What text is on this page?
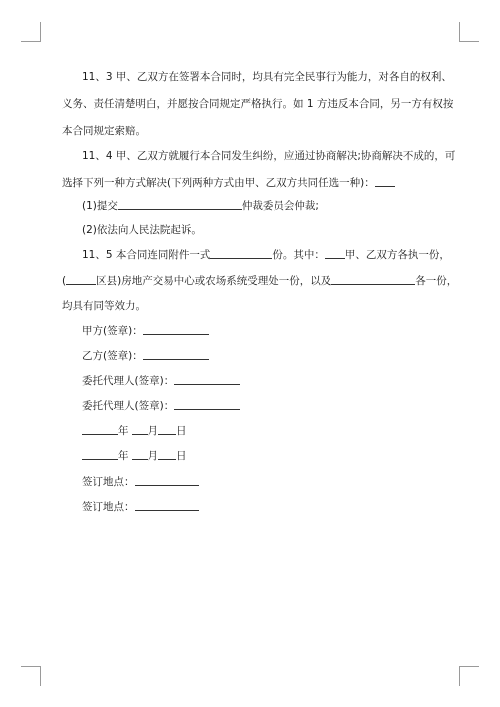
11、3 甲、乙双方在签署本合同时，均具有完全民事行为能力，对各自的权利、
义务、责任清楚明白，并愿按合同规定严格执行。如 1 方违反本合同，另一方有权按
本合同规定索赔。
11、4 甲、乙双方就履行本合同发生纠纷，应通过协商解决;协商解决不成的，可
选择下列一种方式解决(下列两种方式由甲、乙双方共同任选一种)：
(1)提交	仲裁委员会仲裁;
(2)依法向人民法院起诉。
11、5 本合同连同附件一式	份。其中： 甲、乙双方各执一份，
(	区县)房地产交易中心或农场系统受理处一份，以及	各一份，
均具有同等效力。
甲方(签章)：
乙方(签章)：
委托代理人(签章)：
委托代理人(签章)：
年 月 日
年 月 日
签订地点：
签订地点：
